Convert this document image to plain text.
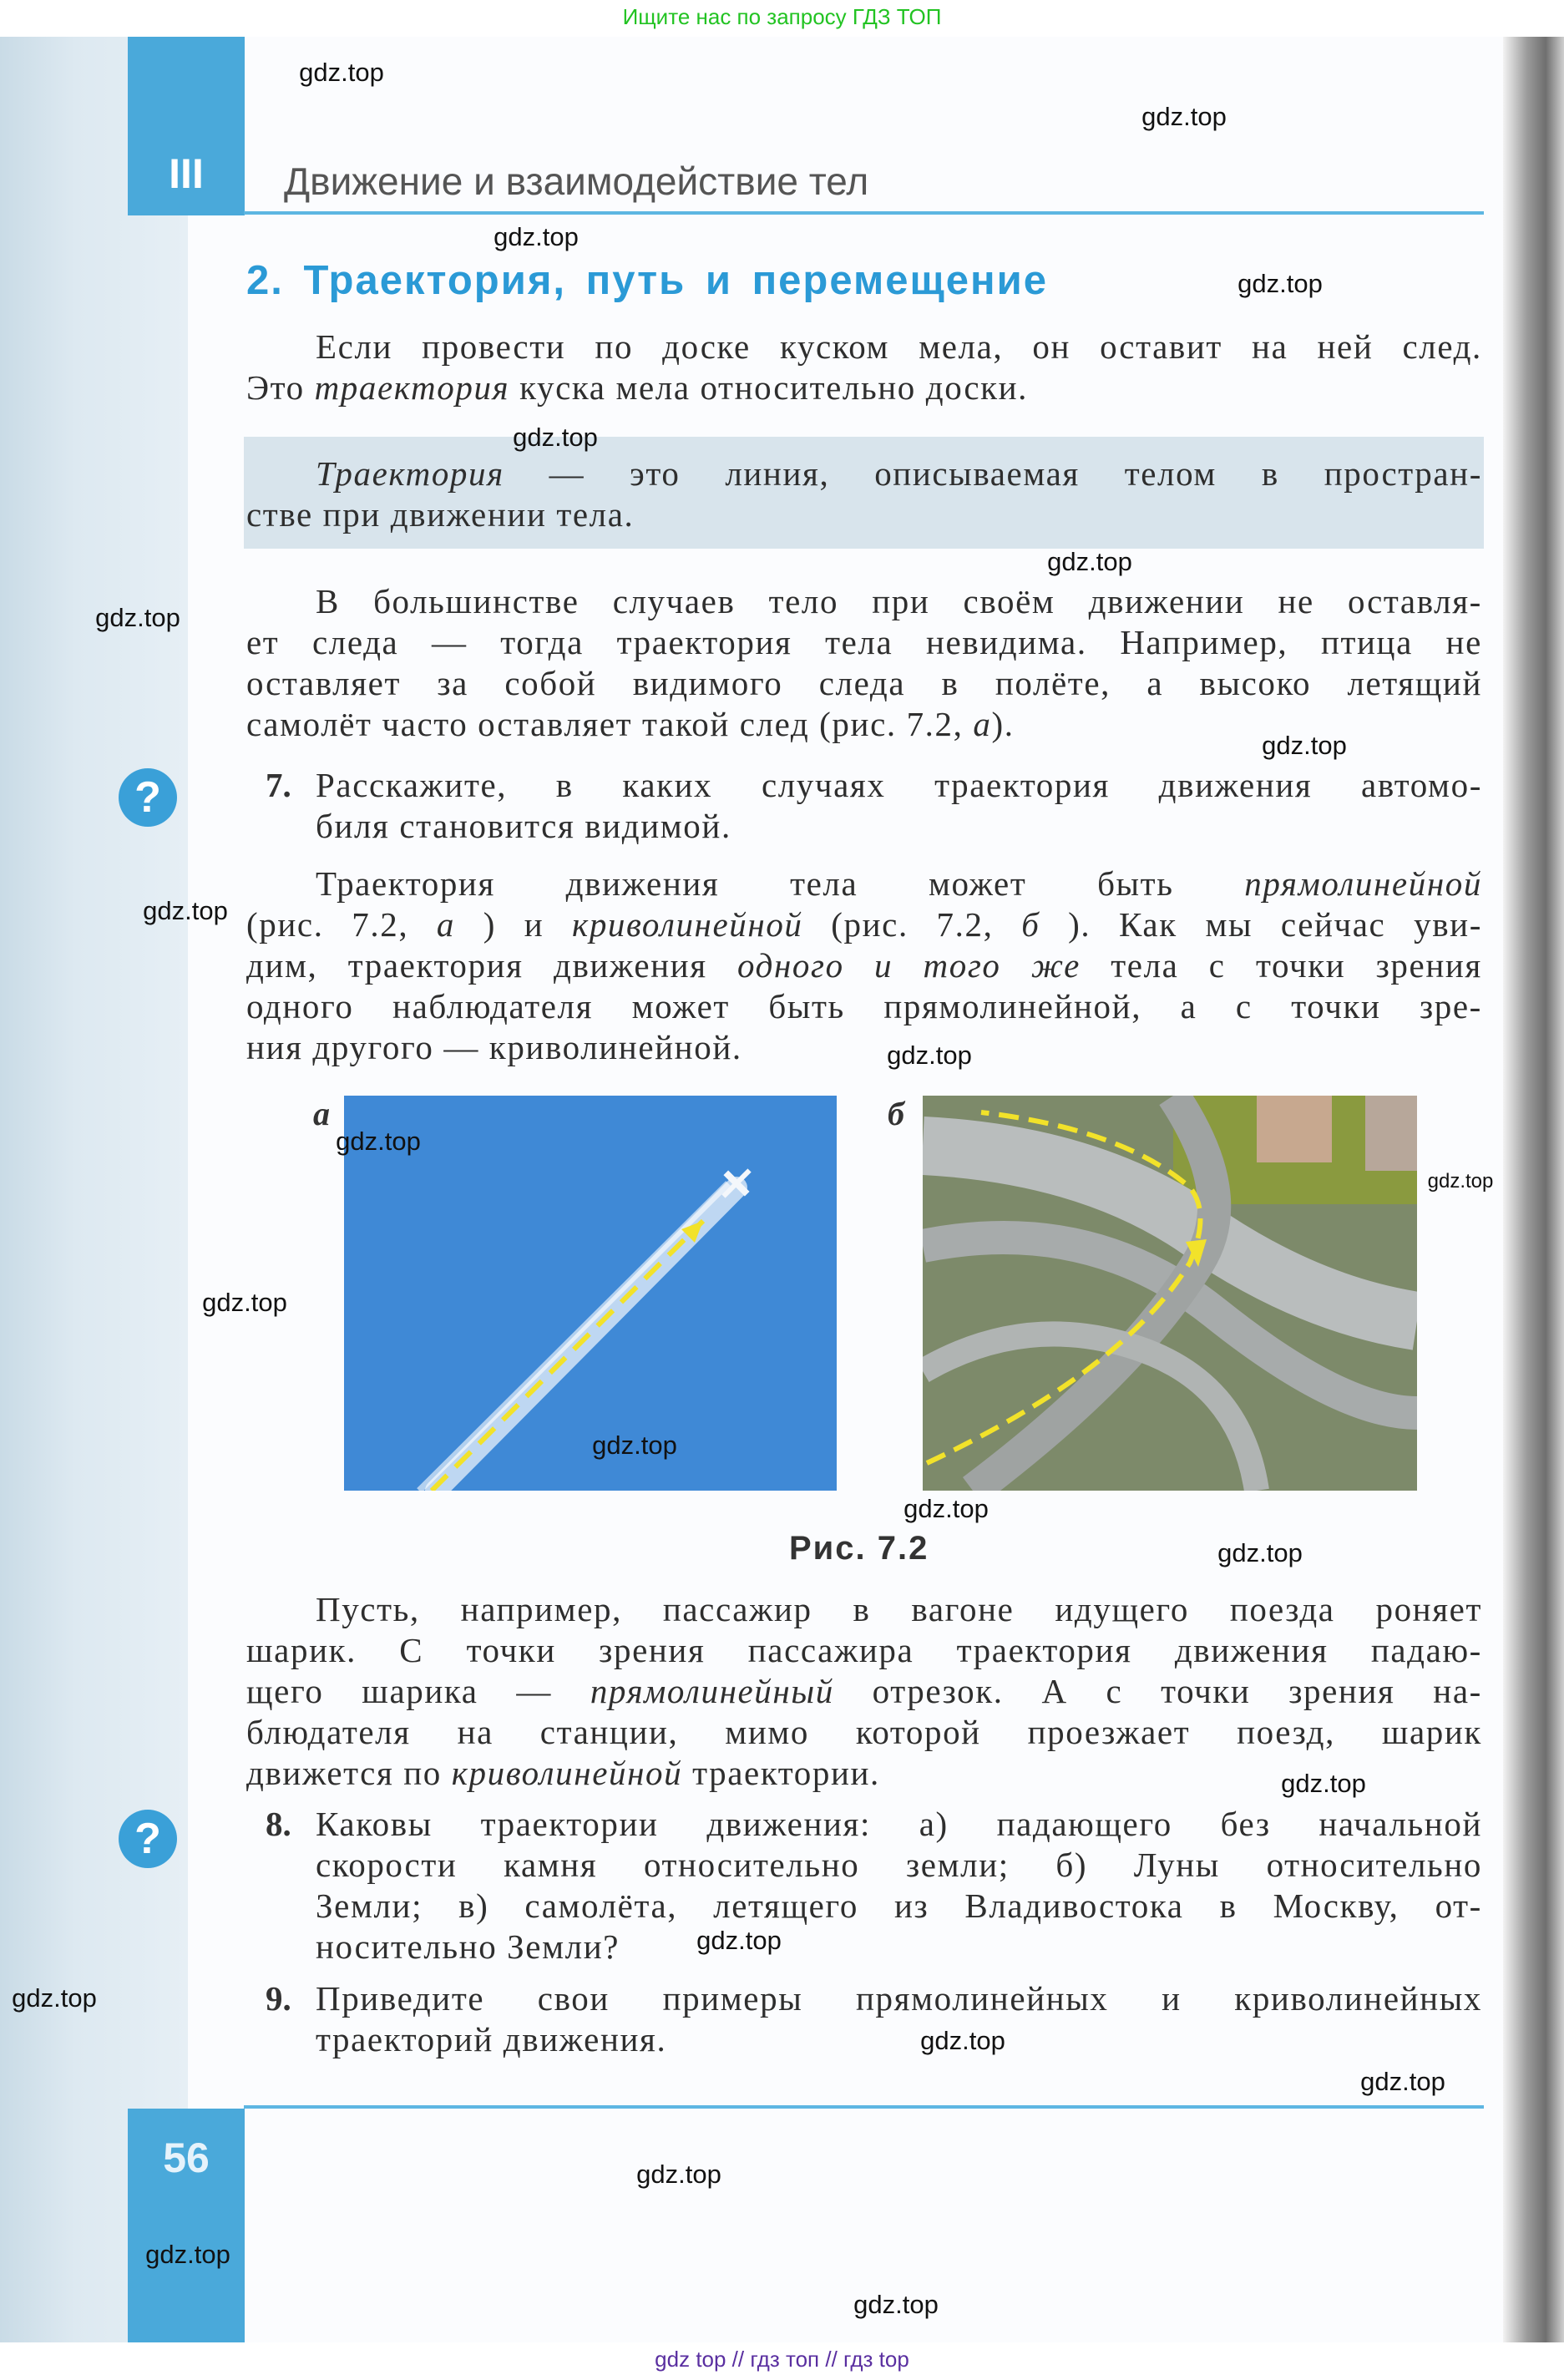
Ищите нас по запросу ГДЗ ТОП
III	Движение и взаимодействие тел
2. Траектория, путь и перемещение
?
?
7.
8.
9.
Если провести по доске куском мела, он оставит на ней след.
Это траектория куска мела относительно доски.
Траектория — это линия, описываемая телом в простран-
стве при движении тела.
В большинстве случаев тело при своём движении не оставля-
ет следа — тогда траектория тела невидима. Например, птица не
оставляет за собой видимого следа в полёте, а высоко летящий
самолёт часто оставляет такой след (рис. 7.2, а ).
Расскажите, в каких случаях траектория движения автомо-
биля становится видимой.
Траектория движения тела может быть прямолинейной
(рис. 7.2, а ) и криволинейной (рис. 7.2, б ). Как мы сейчас уви-
дим, траектория движения одного и того же тела с точки зрения
одного наблюдателя может быть прямолинейной, а с точки зре-
ния другого — криволинейной.
Пусть, например, пассажир в вагоне идущего поезда роняет
шарик. С точки зрения пассажира траектория движения падаю-
щего шарика — прямолинейный отрезок. А с точки зрения на-
блюдателя на станции, мимо которой проезжает поезд, шарик
движется по криволинейной траектории.
Каковы траектории движения: а) падающего без начальной
скорости камня относительно земли; б) Луны относительно
Земли; в) самолёта, летящего из Владивостока в Москву, от-
носительно Земли?
Приведите свои примеры прямолинейных и криволинейных
траекторий движения.
а	б
Рис. 7.2
56
gdz.top
gdz.top
gdz.top
gdz.top
gdz.top
gdz.top
gdz.top
gdz.top
gdz.top
gdz.top
gdz.top
gdz.top
gdz.top
gdz.top
gdz.top
gdz.top
gdz.top
gdz.top
gdz.top
gdz.top
gdz.top
gdz.top
gdz.top
gdz.top
gdz top // гдз топ // гдз top
